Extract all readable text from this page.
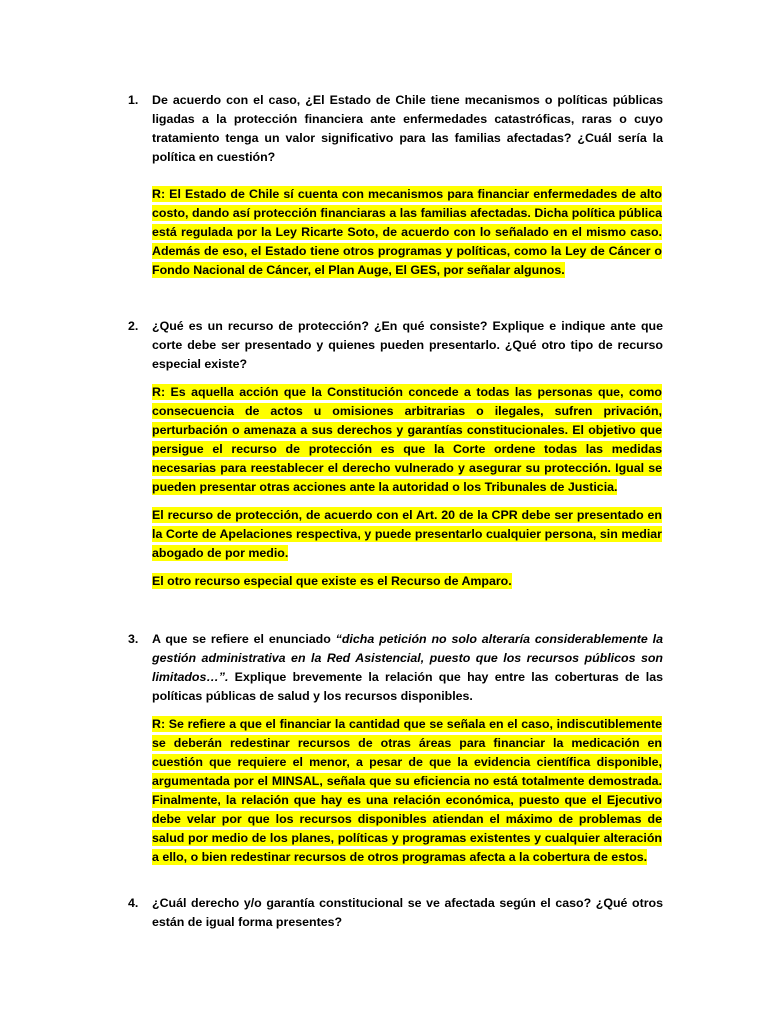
1. De acuerdo con el caso, ¿El Estado de Chile tiene mecanismos o políticas públicas ligadas a la protección financiera ante enfermedades catastróficas, raras o cuyo tratamiento tenga un valor significativo para las familias afectadas? ¿Cuál sería la política en cuestión?
R: El Estado de Chile sí cuenta con mecanismos para financiar enfermedades de alto costo, dando así protección financiaras a las familias afectadas. Dicha política pública está regulada por la Ley Ricarte Soto, de acuerdo con lo señalado en el mismo caso. Además de eso, el Estado tiene otros programas y políticas, como la Ley de Cáncer o Fondo Nacional de Cáncer, el Plan Auge, El GES, por señalar algunos.
2. ¿Qué es un recurso de protección? ¿En qué consiste? Explique e indique ante que corte debe ser presentado y quienes pueden presentarlo. ¿Qué otro tipo de recurso especial existe?
R: Es aquella acción que la Constitución concede a todas las personas que, como consecuencia de actos u omisiones arbitrarias o ilegales, sufren privación, perturbación o amenaza a sus derechos y garantías constitucionales. El objetivo que persigue el recurso de protección es que la Corte ordene todas las medidas necesarias para reestablecer el derecho vulnerado y asegurar su protección. Igual se pueden presentar otras acciones ante la autoridad o los Tribunales de Justicia.
El recurso de protección, de acuerdo con el Art. 20 de la CPR debe ser presentado en la Corte de Apelaciones respectiva, y puede presentarlo cualquier persona, sin mediar abogado de por medio.
El otro recurso especial que existe es el Recurso de Amparo.
3. A que se refiere el enunciado “dicha petición no solo alteraría considerablemente la gestión administrativa en la Red Asistencial, puesto que los recursos públicos son limitados…”. Explique brevemente la relación que hay entre las coberturas de las políticas públicas de salud y los recursos disponibles.
R: Se refiere a que el financiar la cantidad que se señala en el caso, indiscutiblemente se deberán redestinar recursos de otras áreas para financiar la medicación en cuestión que requiere el menor, a pesar de que la evidencia científica disponible, argumentada por el MINSAL, señala que su eficiencia no está totalmente demostrada. Finalmente, la relación que hay es una relación económica, puesto que el Ejecutivo debe velar por que los recursos disponibles atiendan el máximo de problemas de salud por medio de los planes, políticas y programas existentes y cualquier alteración a ello, o bien redestinar recursos de otros programas afecta a la cobertura de estos.
4. ¿Cuál derecho y/o garantía constitucional se ve afectada según el caso? ¿Qué otros están de igual forma presentes?
